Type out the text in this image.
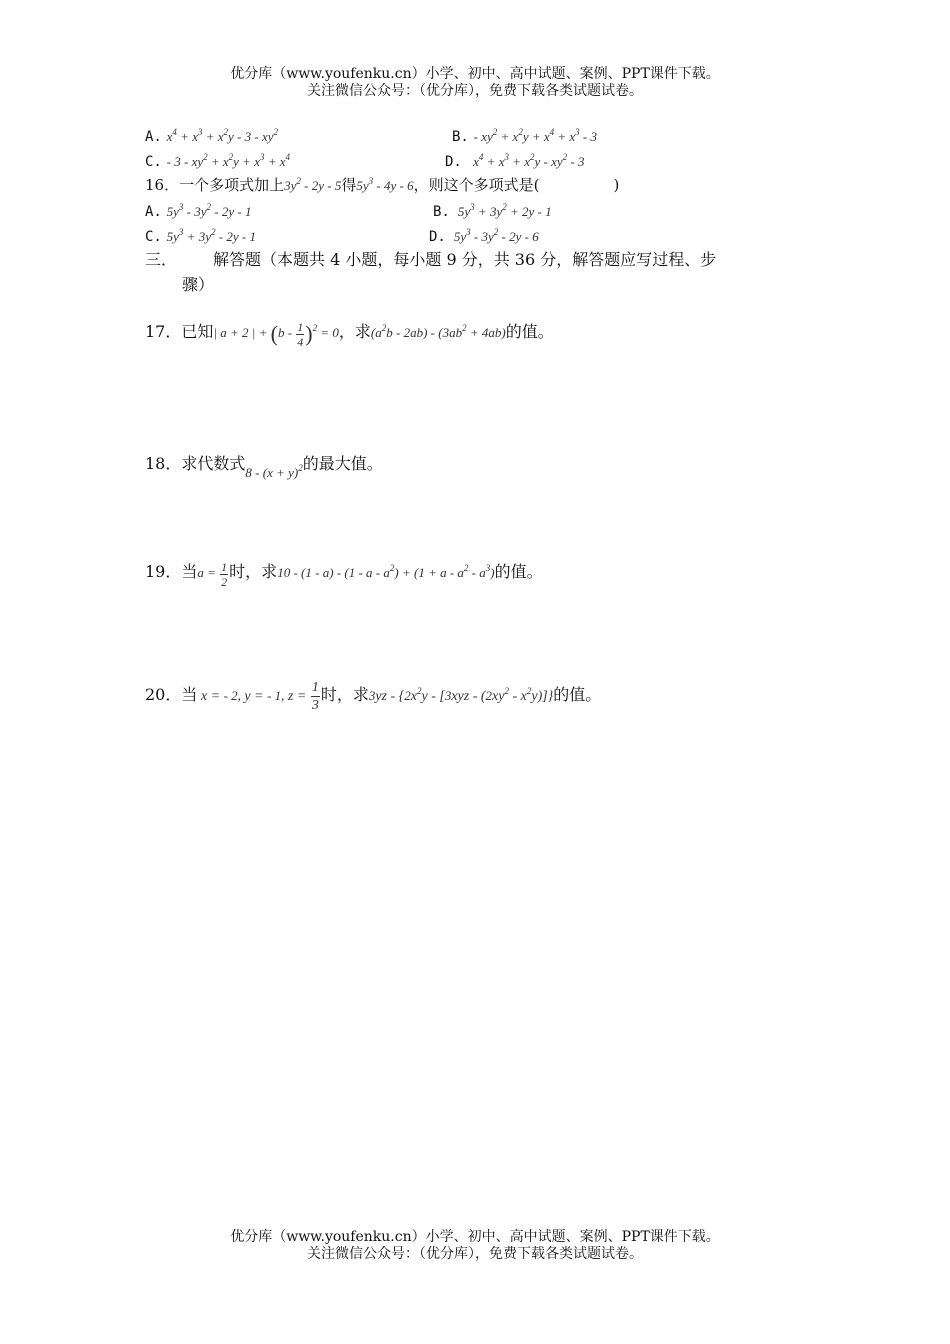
优分库（www.youfenku.cn）小学、初中、高中试题、案例、PPT课件下载。
关注微信公众号：（优分库），免费下载各类试题试卷。
A. $x^4 + x^3 + x^2y - 3 - xy^2$	B. - $xy^2 + x^2y + x^4 + x^3 - 3$
C. - $3 - xy^2 + x^2y + x^3 + x^4$	D.   $x^4 + x^3 + x^2y - xy^2 - 3$
16．一个多项式加上$3y^2 - 2y - 5$得$5y^3 - 4y - 6$，则这个多项式是(	)
A. $5y^3 - 3y^2 - 2y - 1$	B. $5y^3 + 3y^2 + 2y - 1$
C. $5y^3 + 3y^2 - 2y - 1$	D. $5y^3 - 3y^2 - 2y - 6$
三． 解答题（本题共 4 小题，每小题 9 分，共 36 分，解答题应写过程、步
骤）
17．已知| a + 2 | + $(b - \frac{1}{4} )^2 = 0$，求$(a^2b - 2ab) - (3ab^2 + 4ab)$的值。
18．求代数式$_{8 - (x + y)^2}$的最大值。
19．当$a = \frac{1}{2}$ 时，求$10 - (1 - a) - (1 - a - a^2) + (1 + a - a^2 - a^3)$的值。
20．当 x = - 2, y = - 1, $z = \frac{1}{3}$ 时，求$3yz - \{2x^2y - [3xyz - (2xy^2 - x^2y)]\}$的值。
优分库（www.youfenku.cn）小学、初中、高中试题、案例、PPT课件下载。
关注微信公众号：（优分库），免费下载各类试题试卷。
